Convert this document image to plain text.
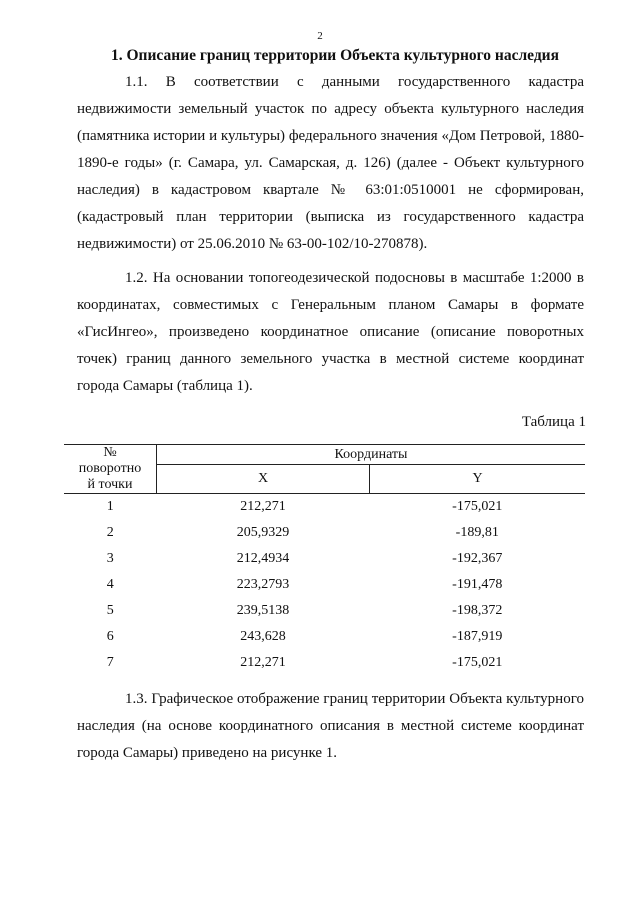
2
1. Описание границ территории Объекта культурного наследия
1.1. В соответствии с данными государственного кадастра недвижимости земельный участок по адресу объекта культурного наследия (памятника истории и культуры) федерального значения «Дом Петровой, 1880-1890-е годы» (г. Самара, ул. Самарская, д. 126) (далее - Объект культурного наследия) в кадастровом квартале № 63:01:0510001 не сформирован, (кадастровый план территории (выписка из государственного кадастра недвижимости) от 25.06.2010 № 63-00-102/10-270878).
1.2. На основании топогеодезической подосновы в масштабе 1:2000 в координатах, совместимых с Генеральным планом Самары в формате «ГисИнгео», произведено координатное описание (описание поворотных точек) границ данного земельного участка в местной системе координат города Самары (таблица 1).
Таблица 1
№
поворотно
й точки	Координаты	
	X	Y
1	212,271	-175,021
2	205,9329	-189,81
3	212,4934	-192,367
4	223,2793	-191,478
5	239,5138	-198,372
6	243,628	-187,919
7	212,271	-175,021
1.3. Графическое отображение границ территории Объекта культурного наследия (на основе координатного описания в местной системе координат города Самары) приведено на рисунке 1.
